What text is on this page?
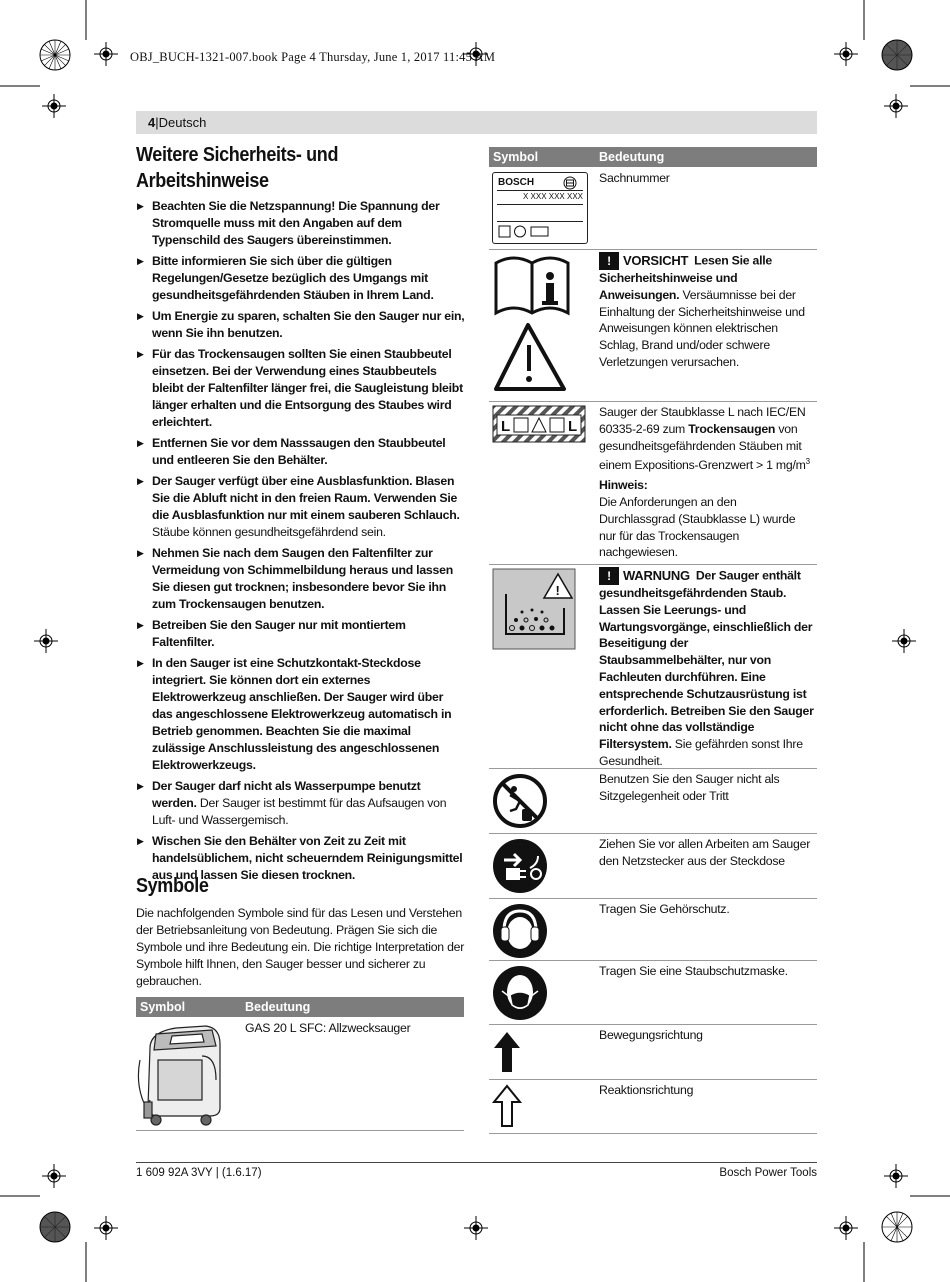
OBJ_BUCH-1321-007.book Page 4 Thursday, June 1, 2017 11:45 AM
4|Deutsch
Weitere Sicherheits- und
Arbeitshinweise
▶ Beachten Sie die Netzspannung! Die Spannung der Stromquelle muss mit den Angaben auf dem Typenschild des Saugers übereinstimmen.
▶ Bitte informieren Sie sich über die gültigen Regelungen/Gesetze bezüglich des Umgangs mit gesundheitsgefährdenden Stäuben in Ihrem Land.
▶ Um Energie zu sparen, schalten Sie den Sauger nur ein, wenn Sie ihn benutzen.
▶ Für das Trockensaugen sollten Sie einen Staubbeutel einsetzen. Bei der Verwendung eines Staubbeutels bleibt der Faltenfilter länger frei, die Saugleistung bleibt länger erhalten und die Entsorgung des Staubes wird erleichtert.
▶ Entfernen Sie vor dem Nasssaugen den Staubbeutel und entleeren Sie den Behälter.
▶ Der Sauger verfügt über eine Ausblasfunktion. Blasen Sie die Abluft nicht in den freien Raum. Verwenden Sie die Ausblasfunktion nur mit einem sauberen Schlauch. Stäube können gesundheitsgefährdend sein.
▶ Nehmen Sie nach dem Saugen den Faltenfilter zur Vermeidung von Schimmelbildung heraus und lassen Sie diesen gut trocknen; insbesondere bevor Sie ihn zum Trockensaugen benutzen.
▶ Betreiben Sie den Sauger nur mit montiertem Faltenfilter.
▶ In den Sauger ist eine Schutzkontakt-Steckdose integriert. Sie können dort ein externes Elektrowerkzeug anschließen. Der Sauger wird über das angeschlossene Elektrowerkzeug automatisch in Betrieb genommen. Beachten Sie die maximal zulässige Anschlussleistung des angeschlossenen Elektrowerkzeugs.
▶ Der Sauger darf nicht als Wasserpumpe benutzt werden. Der Sauger ist bestimmt für das Aufsaugen von Luft- und Wassergemisch.
▶ Wischen Sie den Behälter von Zeit zu Zeit mit handelsüblichem, nicht scheuerndem Reinigungsmittel aus und lassen Sie diesen trocknen.
Symbole
Die nachfolgenden Symbole sind für das Lesen und Verstehen der Betriebsanleitung von Bedeutung. Prägen Sie sich die Symbole und ihre Bedeutung ein. Die richtige Interpretation der Symbole hilft Ihnen, den Sauger besser und sicherer zu gebrauchen.
Symbol	Bedeutung
GAS 20 L SFC: Allzwecksauger
Symbol	Bedeutung
BOSCH
X XXX XXX XXX
Sachnummer
! VORSICHT Lesen Sie alle Sicherheitshinweise und Anweisungen. Versäumnisse bei der Einhaltung der Sicherheitshinweise und Anweisungen können elektrischen Schlag, Brand und/oder schwere Verletzungen verursachen.
L	L
Sauger der Staubklasse L nach IEC/EN 60335-2-69 zum Trockensaugen von gesundheitsgefährdenden Stäuben mit einem Expositions-Grenzwert > 1 $mg/m^3$
Hinweis:
Die Anforderungen an den Durchlassgrad (Staubklasse L) wurde nur für das Trockensaugen nachgewiesen.
!
! WARNUNG Der Sauger enthält gesundheitsgefährdenden Staub. Lassen Sie Leerungs- und Wartungsvorgänge, einschließlich der Beseitigung der Staubsammelbehälter, nur von Fachleuten durchführen. Eine entsprechende Schutzausrüstung ist erforderlich. Betreiben Sie den Sauger nicht ohne das vollständige Filtersystem. Sie gefährden sonst Ihre Gesundheit.
Benutzen Sie den Sauger nicht als Sitzgelegenheit oder Tritt
Ziehen Sie vor allen Arbeiten am Sauger den Netzstecker aus der Steckdose
Tragen Sie Gehörschutz.
Tragen Sie eine Staubschutzmaske.
Bewegungsrichtung
Reaktionsrichtung
1 609 92A 3VY | (1.6.17)	Bosch Power Tools
